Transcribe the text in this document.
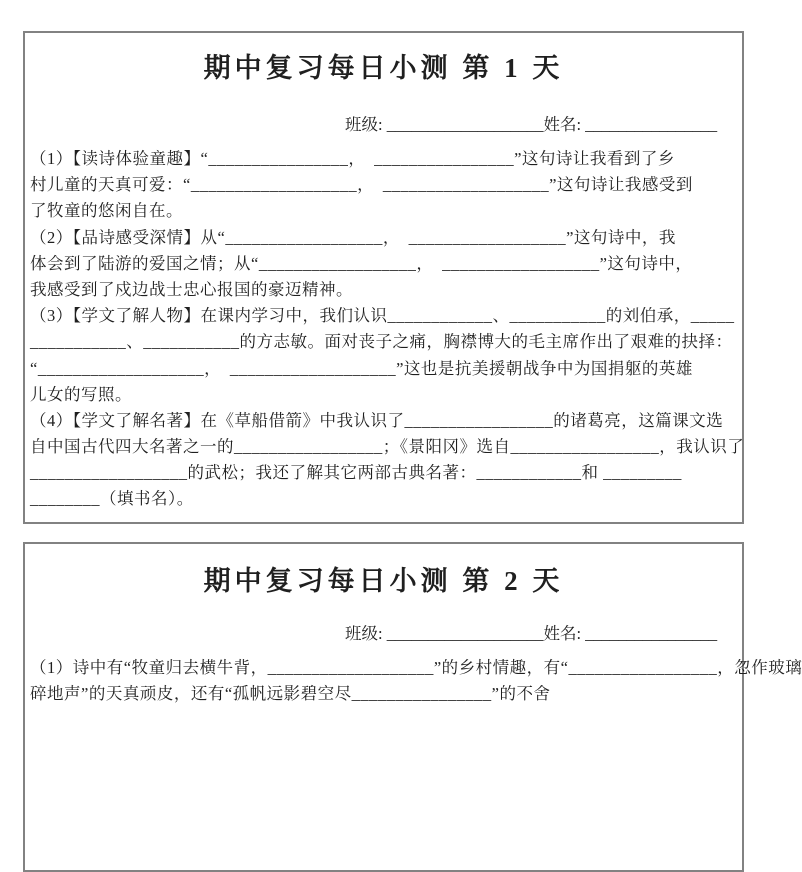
期中复习每日小测 第 1 天
班级: ___________________姓名: ________________
（1）【读诗体验童趣】“________________，　________________”这句诗让我看到了乡
村儿童的天真可爱：“___________________，　___________________”这句诗让我感受到
了牧童的悠闲自在。
（2）【品诗感受深情】从“__________________，　__________________”这句诗中，我
体会到了陆游的爱国之情；从“__________________，　__________________”这句诗中，
我感受到了戍边战士忠心报国的豪迈精神。
（3）【学文了解人物】在课内学习中，我们认识____________、___________的刘伯承，_____
___________、___________的方志敏。面对丧子之痛，胸襟博大的毛主席作出了艰难的抉择：
“___________________，　___________________”这也是抗美援朝战争中为国捐躯的英雄
儿女的写照。
（4）【学文了解名著】在《草船借箭》中我认识了_________________的诸葛亮，这篇课文选
自中国古代四大名著之一的_________________；《景阳冈》选自_________________，我认识了
__________________的武松；我还了解其它两部古典名著：____________和 _________
________（填书名）。
期中复习每日小测 第 2 天
班级: ___________________姓名: ________________
（1）诗中有“牧童归去横牛背，___________________”的乡村情趣，有“_________________，忽作玻璃
碎地声”的天真顽皮，还有“孤帆远影碧空尽________________”的不舍
